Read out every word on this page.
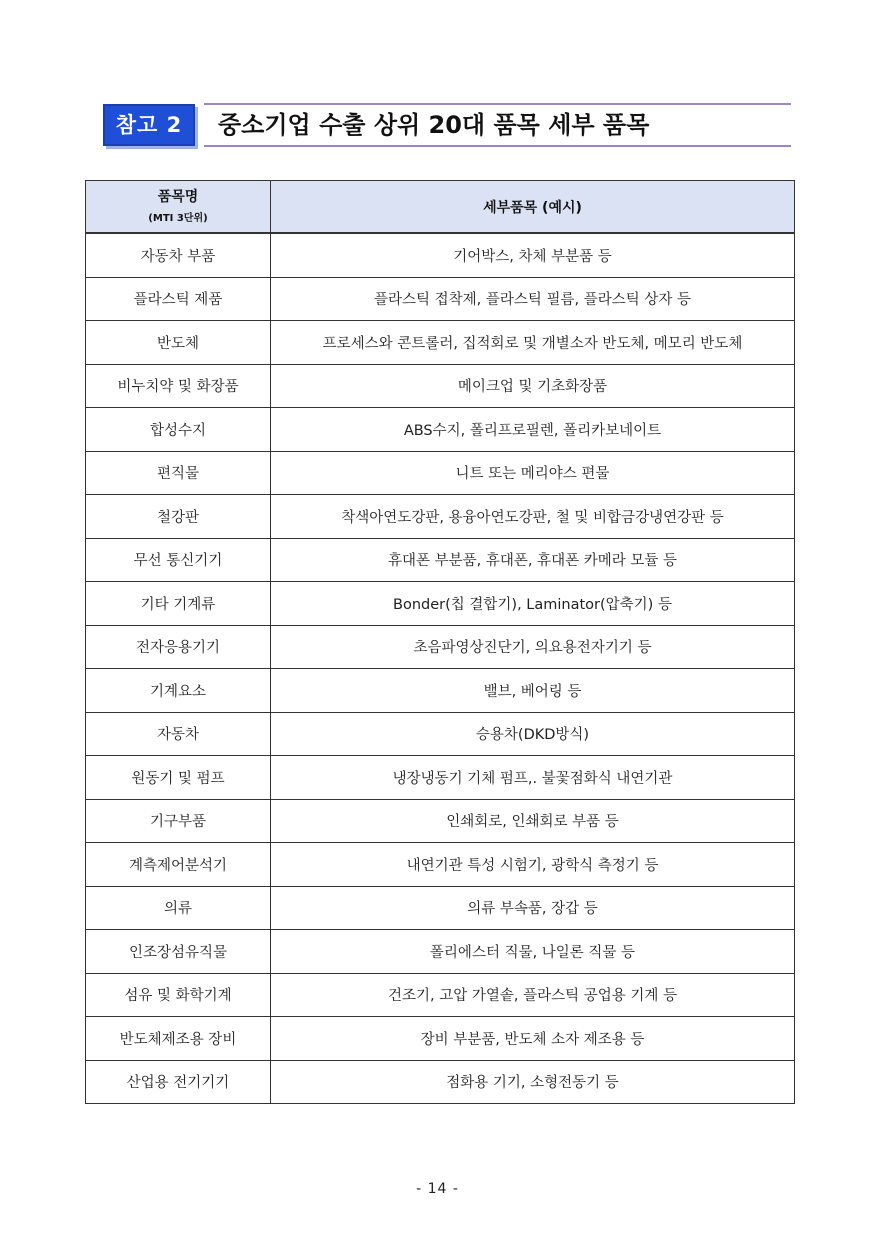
참고 2	중소기업 수출 상위 20대 품목 세부 품목
품목명
(MTI 3단위)	세부품목 (예시)
자동차 부품	기어박스, 차체 부분품 등
플라스틱 제품	플라스틱 접착제, 플라스틱 필름, 플라스틱 상자 등
반도체	프로세스와 콘트롤러, 집적회로 및 개별소자 반도체, 메모리 반도체
비누치약 및 화장품	메이크업 및 기초화장품
합성수지	ABS수지, 폴리프로필렌, 폴리카보네이트
편직물	니트 또는 메리야스 편물
철강판	착색아연도강판, 용융아연도강판, 철 및 비합금강냉연강판 등
무선 통신기기	휴대폰 부분품, 휴대폰, 휴대폰 카메라 모듈 등
기타 기계류	Bonder(칩 결합기), Laminator(압축기) 등
전자응용기기	초음파영상진단기, 의요용전자기기 등
기계요소	밸브, 베어링 등
자동차	승용차(DKD방식)
원동기 및 펌프	냉장냉동기 기체 펌프,. 불꽃점화식 내연기관
기구부품	인쇄회로, 인쇄회로 부품 등
계측제어분석기	내연기관 특성 시험기, 광학식 측정기 등
의류	의류 부속품, 장갑 등
인조장섬유직물	폴리에스터 직물, 나일론 직물 등
섬유 및 화학기계	건조기, 고압 가열솥, 플라스틱 공업용 기계 등
반도체제조용 장비	장비 부분품, 반도체 소자 제조용 등
산업용 전기기기	점화용 기기, 소형전동기 등
- 14 -
